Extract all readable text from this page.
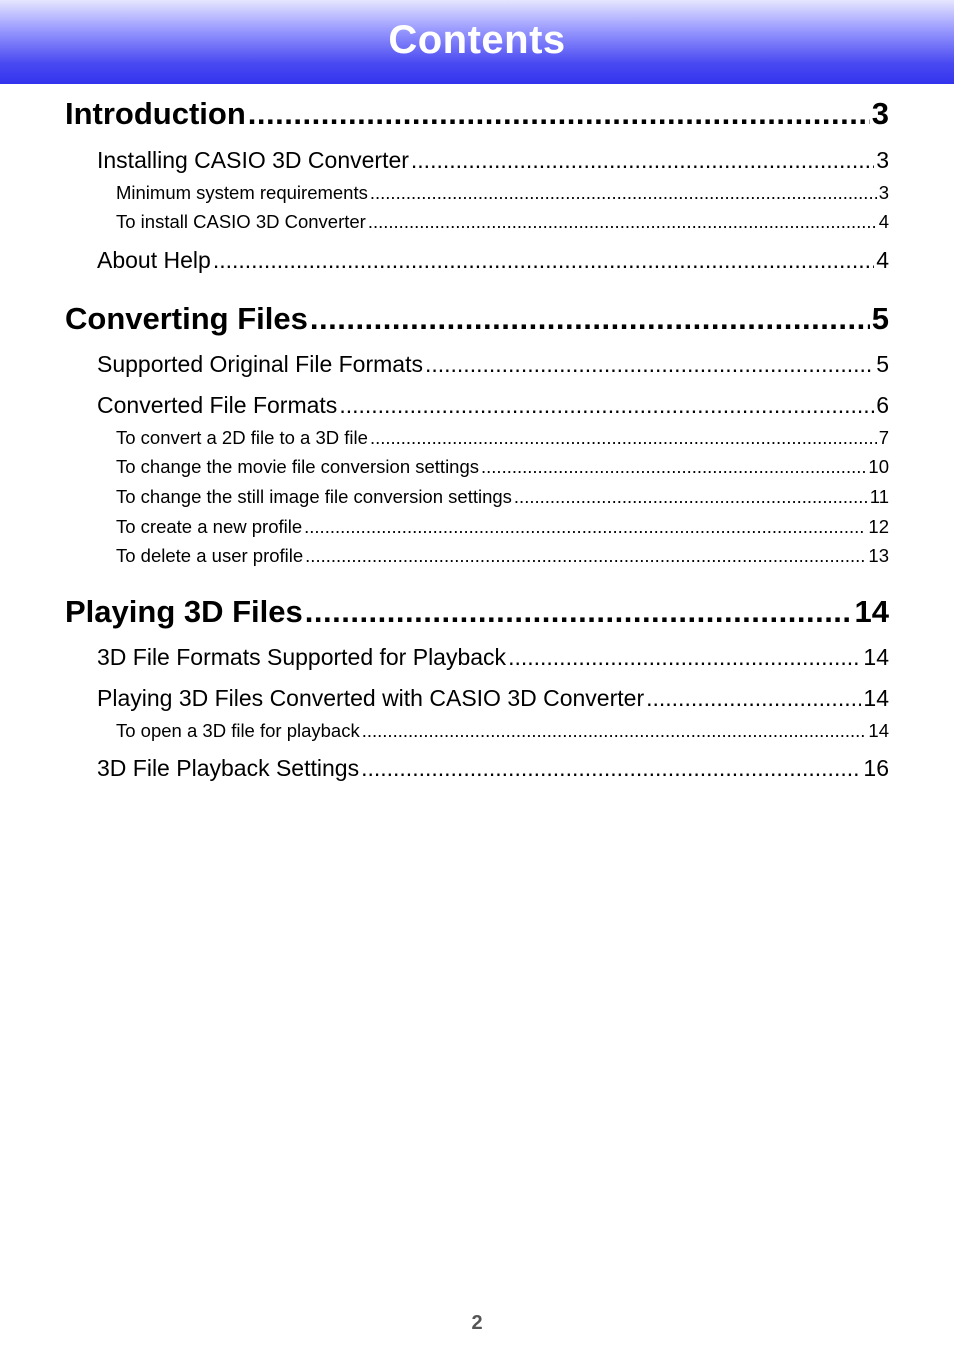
Contents
Introduction .....	3
Installing CASIO 3D Converter .....	3
Minimum system requirements .....	3
To install CASIO 3D Converter .....	4
About Help .....	4
Converting Files .....	5
Supported Original File Formats .....	5
Converted File Formats .....	6
To convert a 2D file to a 3D file .....	7
To change the movie file conversion settings .....	10
To change the still image file conversion settings .....	11
To create a new profile .....	12
To delete a user profile .....	13
Playing 3D Files .....	14
3D File Formats Supported for Playback .....	14
Playing 3D Files Converted with CASIO 3D Converter .....	14
To open a 3D file for playback .....	14
3D File Playback Settings .....	16
2
